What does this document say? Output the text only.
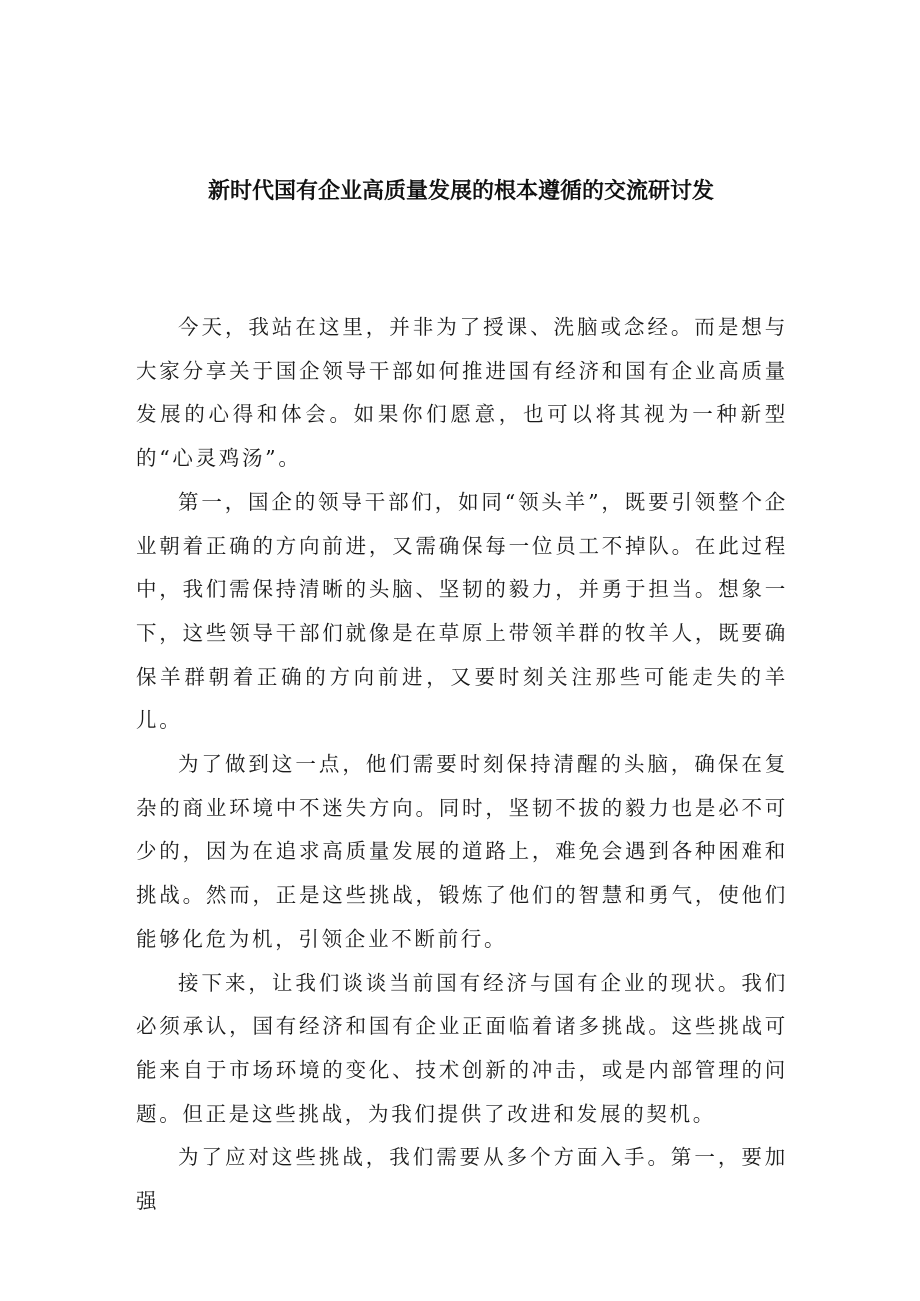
新时代国有企业高质量发展的根本遵循的交流研讨发

今天，我站在这里，并非为了授课、洗脑或念经。而是想与大家分享关于国企领导干部如何推进国有经济和国有企业高质量发展的心得和体会。如果你们愿意，也可以将其视为一种新型的“心灵鸡汤”。

第一，国企的领导干部们，如同“领头羊”，既要引领整个企业朝着正确的方向前进，又需确保每一位员工不掉队。在此过程中，我们需保持清晰的头脑、坚韧的毅力，并勇于担当。想象一下，这些领导干部们就像是在草原上带领羊群的牧羊人，既要确保羊群朝着正确的方向前进，又要时刻关注那些可能走失的羊儿。

为了做到这一点，他们需要时刻保持清醒的头脑，确保在复杂的商业环境中不迷失方向。同时，坚韧不拔的毅力也是必不可少的，因为在追求高质量发展的道路上，难免会遇到各种困难和挑战。然而，正是这些挑战，锻炼了他们的智慧和勇气，使他们能够化危为机，引领企业不断前行。

接下来，让我们谈谈当前国有经济与国有企业的现状。我们必须承认，国有经济和国有企业正面临着诸多挑战。这些挑战可能来自于市场环境的变化、技术创新的冲击，或是内部管理的问题。但正是这些挑战，为我们提供了改进和发展的契机。

为了应对这些挑战，我们需要从多个方面入手。第一，要加强
